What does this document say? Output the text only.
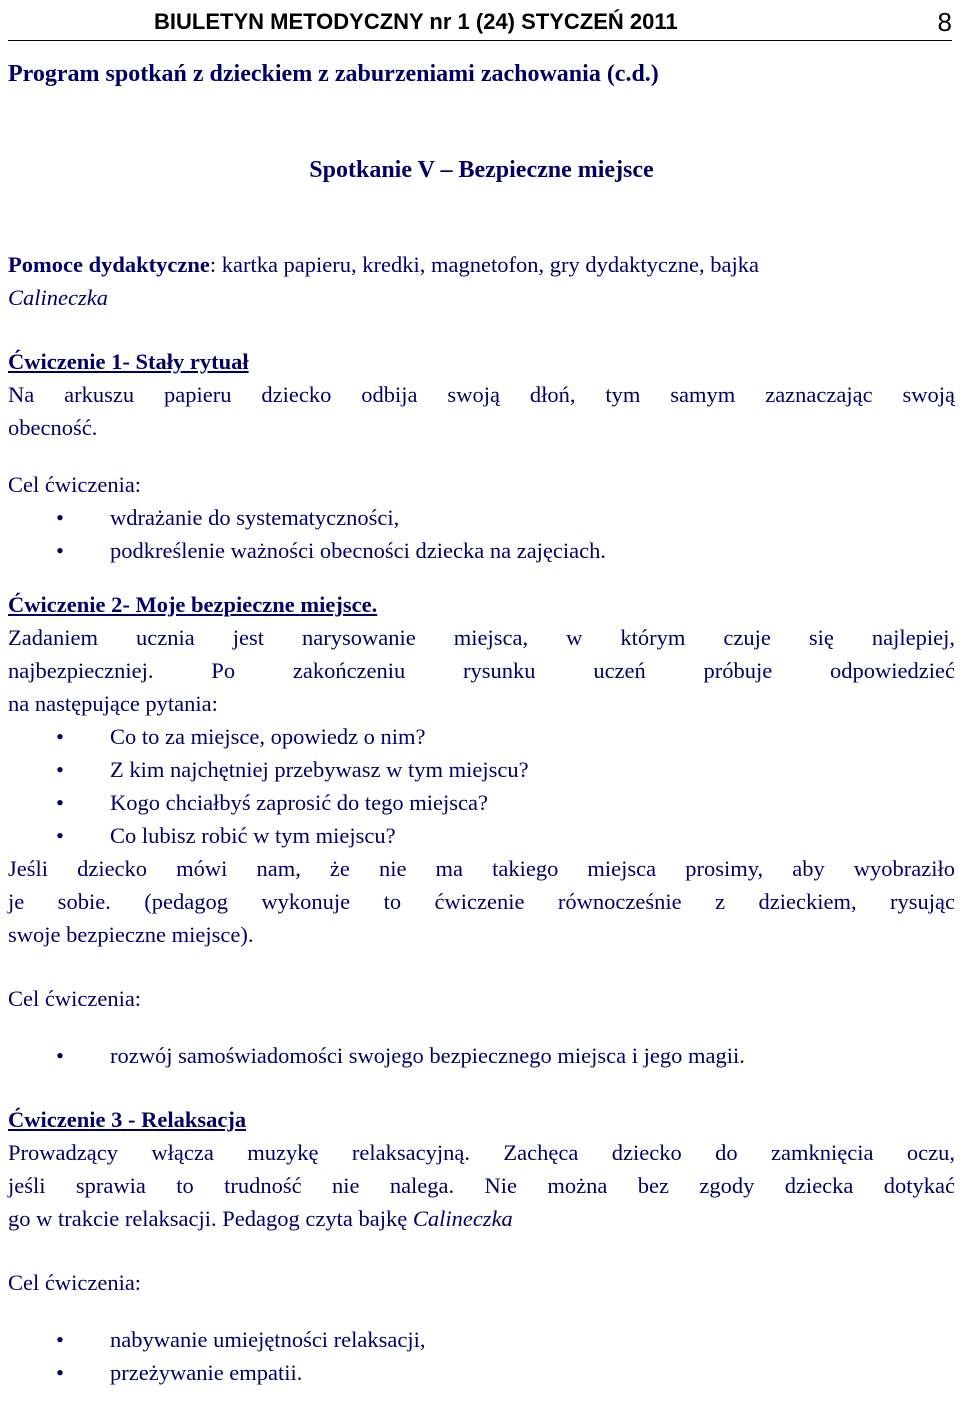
BIULETYN METODYCZNY nr 1 (24) STYCZEŃ 2011	8
Program spotkań z dzieckiem z zaburzeniami zachowania (c.d.)
Spotkanie V – Bezpieczne miejsce
Pomoce dydaktyczne: kartka papieru, kredki, magnetofon, gry dydaktyczne, bajka
Calineczka
Ćwiczenie 1- Stały rytuał
Na arkuszu papieru dziecko odbija swoją dłoń, tym samym zaznaczając swoją
obecność.
Cel ćwiczenia:
• wdrażanie do systematyczności,
• podkreślenie ważności obecności dziecka na zajęciach.
Ćwiczenie 2- Moje bezpieczne miejsce.
Zadaniem ucznia jest narysowanie miejsca, w którym czuje się najlepiej,
najbezpieczniej. Po zakończeniu rysunku uczeń próbuje odpowiedzieć
na następujące pytania:
• Co to za miejsce, opowiedz o nim?
• Z kim najchętniej przebywasz w tym miejscu?
• Kogo chciałbyś zaprosić do tego miejsca?
• Co lubisz robić w tym miejscu?
Jeśli dziecko mówi nam, że nie ma takiego miejsca prosimy, aby wyobraziło
je sobie. (pedagog wykonuje to ćwiczenie równocześnie z dzieckiem, rysując
swoje bezpieczne miejsce).
Cel ćwiczenia:
• rozwój samoświadomości swojego bezpiecznego miejsca i jego magii.
Ćwiczenie 3 - Relaksacja
Prowadzący włącza muzykę relaksacyjną. Zachęca dziecko do zamknięcia oczu,
jeśli sprawia to trudność nie nalega. Nie można bez zgody dziecka dotykać
go w trakcie relaksacji. Pedagog czyta bajkę Calineczka
Cel ćwiczenia:
• nabywanie umiejętności relaksacji,
• przeżywanie empatii.
